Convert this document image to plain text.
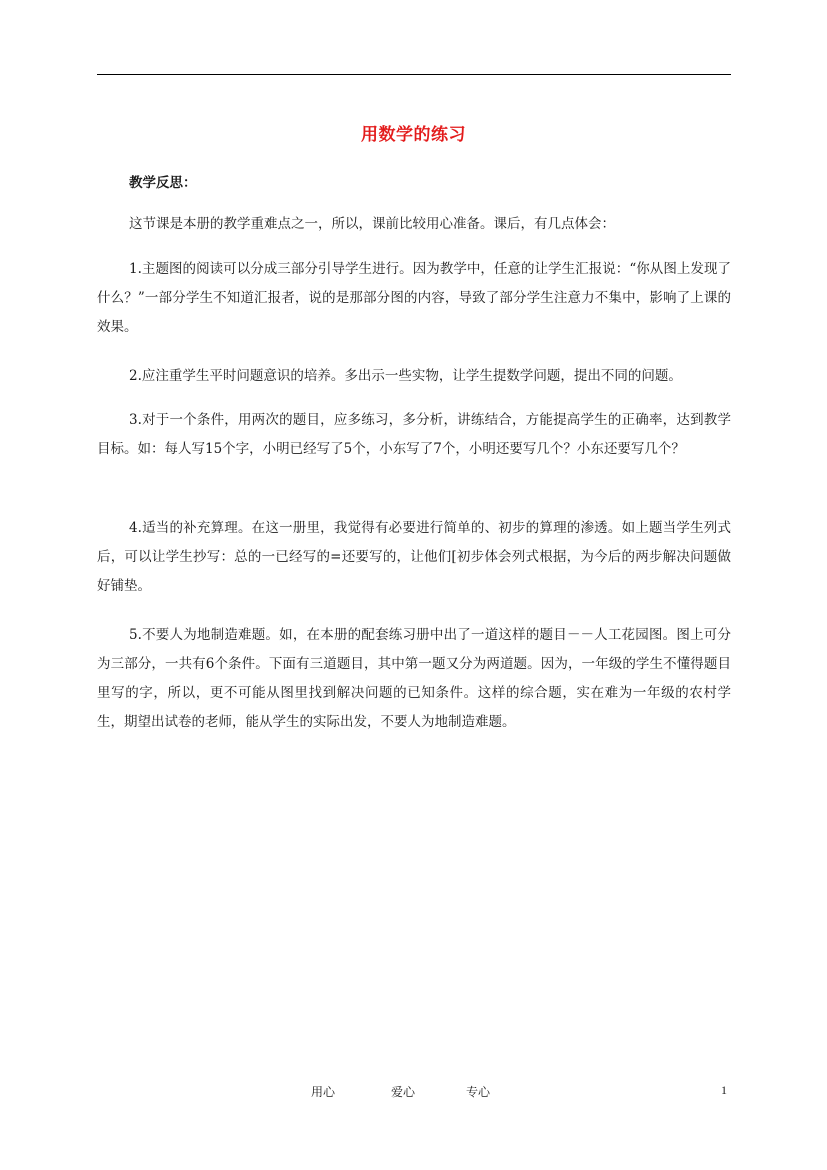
用数学的练习
教学反思：

这节课是本册的教学重难点之一，所以，课前比较用心准备。课后，有几点体会：

1.主题图的阅读可以分成三部分引导学生进行。因为教学中，任意的让学生汇报说：“你从图上发现了什么？”一部分学生不知道汇报者，说的是那部分图的内容，导致了部分学生注意力不集中，影响了上课的效果。

2.应注重学生平时问题意识的培养。多出示一些实物，让学生提数学问题，提出不同的问题。

3.对于一个条件，用两次的题目，应多练习，多分析，讲练结合，方能提高学生的正确率，达到教学目标。如：每人写15个字，小明已经写了5个，小东写了7个，小明还要写几个？小东还要写几个？

4.适当的补充算理。在这一册里，我觉得有必要进行简单的、初步的算理的渗透。如上题当学生列式后，可以让学生抄写：总的一已经写的=还要写的，让他们[初步体会列式根据，为今后的两步解决问题做好铺垫。

5.不要人为地制造难题。如，在本册的配套练习册中出了一道这样的题目－－人工花园图。图上可分为三部分，一共有6个条件。下面有三道题目，其中第一题又分为两道题。因为，一年级的学生不懂得题目里写的字，所以，更不可能从图里找到解决问题的已知条件。这样的综合题，实在难为一年级的农村学生，期望出试卷的老师，能从学生的实际出发，不要人为地制造难题。

用心	爱心	专心	1
